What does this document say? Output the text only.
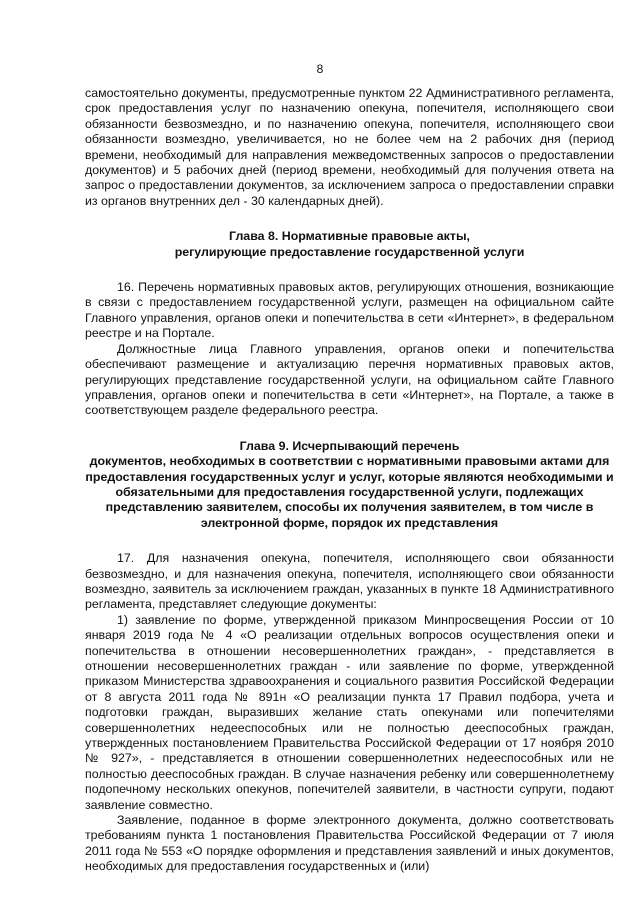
8

самостоятельно документы, предусмотренные пунктом 22 Административного регламента, срок предоставления услуг по назначению опекуна, попечителя, исполняющего свои обязанности безвозмездно, и по назначению опекуна, попечителя, исполняющего свои обязанности возмездно, увеличивается, но не более чем на 2 рабочих дня (период времени, необходимый для направления межведомственных запросов о предоставлении документов) и 5 рабочих дней (период времени, необходимый для получения ответа на запрос о предоставлении документов, за исключением запроса о предоставлении справки из органов внутренних дел - 30 календарных дней).

Глава 8. Нормативные правовые акты,

регулирующие предоставление государственной услуги

16. Перечень нормативных правовых актов, регулирующих отношения, возникающие в связи с предоставлением государственной услуги, размещен на официальном сайте Главного управления, органов опеки и попечительства в сети «Интернет», в федеральном реестре и на Портале.

Должностные лица Главного управления, органов опеки и попечительства обеспечивают размещение и актуализацию перечня нормативных правовых актов, регулирующих представление государственной услуги, на официальном сайте Главного управления, органов опеки и попечительства в сети «Интернет», на Портале, а также в соответствующем разделе федерального реестра.

Глава 9. Исчерпывающий перечень

документов, необходимых в соответствии с нормативными правовыми актами для предоставления государственных услуг и услуг, которые являются необходимыми и обязательными для предоставления государственной услуги, подлежащих представлению заявителем, способы их получения заявителем, в том числе в электронной форме, порядок их представления

17. Для назначения опекуна, попечителя, исполняющего свои обязанности безвозмездно, и для назначения опекуна, попечителя, исполняющего свои обязанности возмездно, заявитель за исключением граждан, указанных в пункте 18 Административного регламента, представляет следующие документы:

1) заявление по форме, утвержденной приказом Минпросвещения России от 10 января 2019 года № 4 «О реализации отдельных вопросов осуществления опеки и попечительства в отношении несовершеннолетних граждан», - представляется в отношении несовершеннолетних граждан - или заявление по форме, утвержденной приказом Министерства здравоохранения и социального развития Российской Федерации от 8 августа 2011 года № 891н «О реализации пункта 17 Правил подбора, учета и подготовки граждан, выразивших желание стать опекунами или попечителями совершеннолетних недееспособных или не полностью дееспособных граждан, утвержденных постановлением Правительства Российской Федерации от 17 ноября 2010 № 927», - представляется в отношении совершеннолетних недееспособных или не полностью дееспособных граждан. В случае назначения ребенку или совершеннолетнему подопечному нескольких опекунов, попечителей заявители, в частности супруги, подают заявление совместно.

Заявление, поданное в форме электронного документа, должно соответствовать требованиям пункта 1 постановления Правительства Российской Федерации от 7 июля 2011 года № 553 «О порядке оформления и представления заявлений и иных документов, необходимых для предоставления государственных и (или)
